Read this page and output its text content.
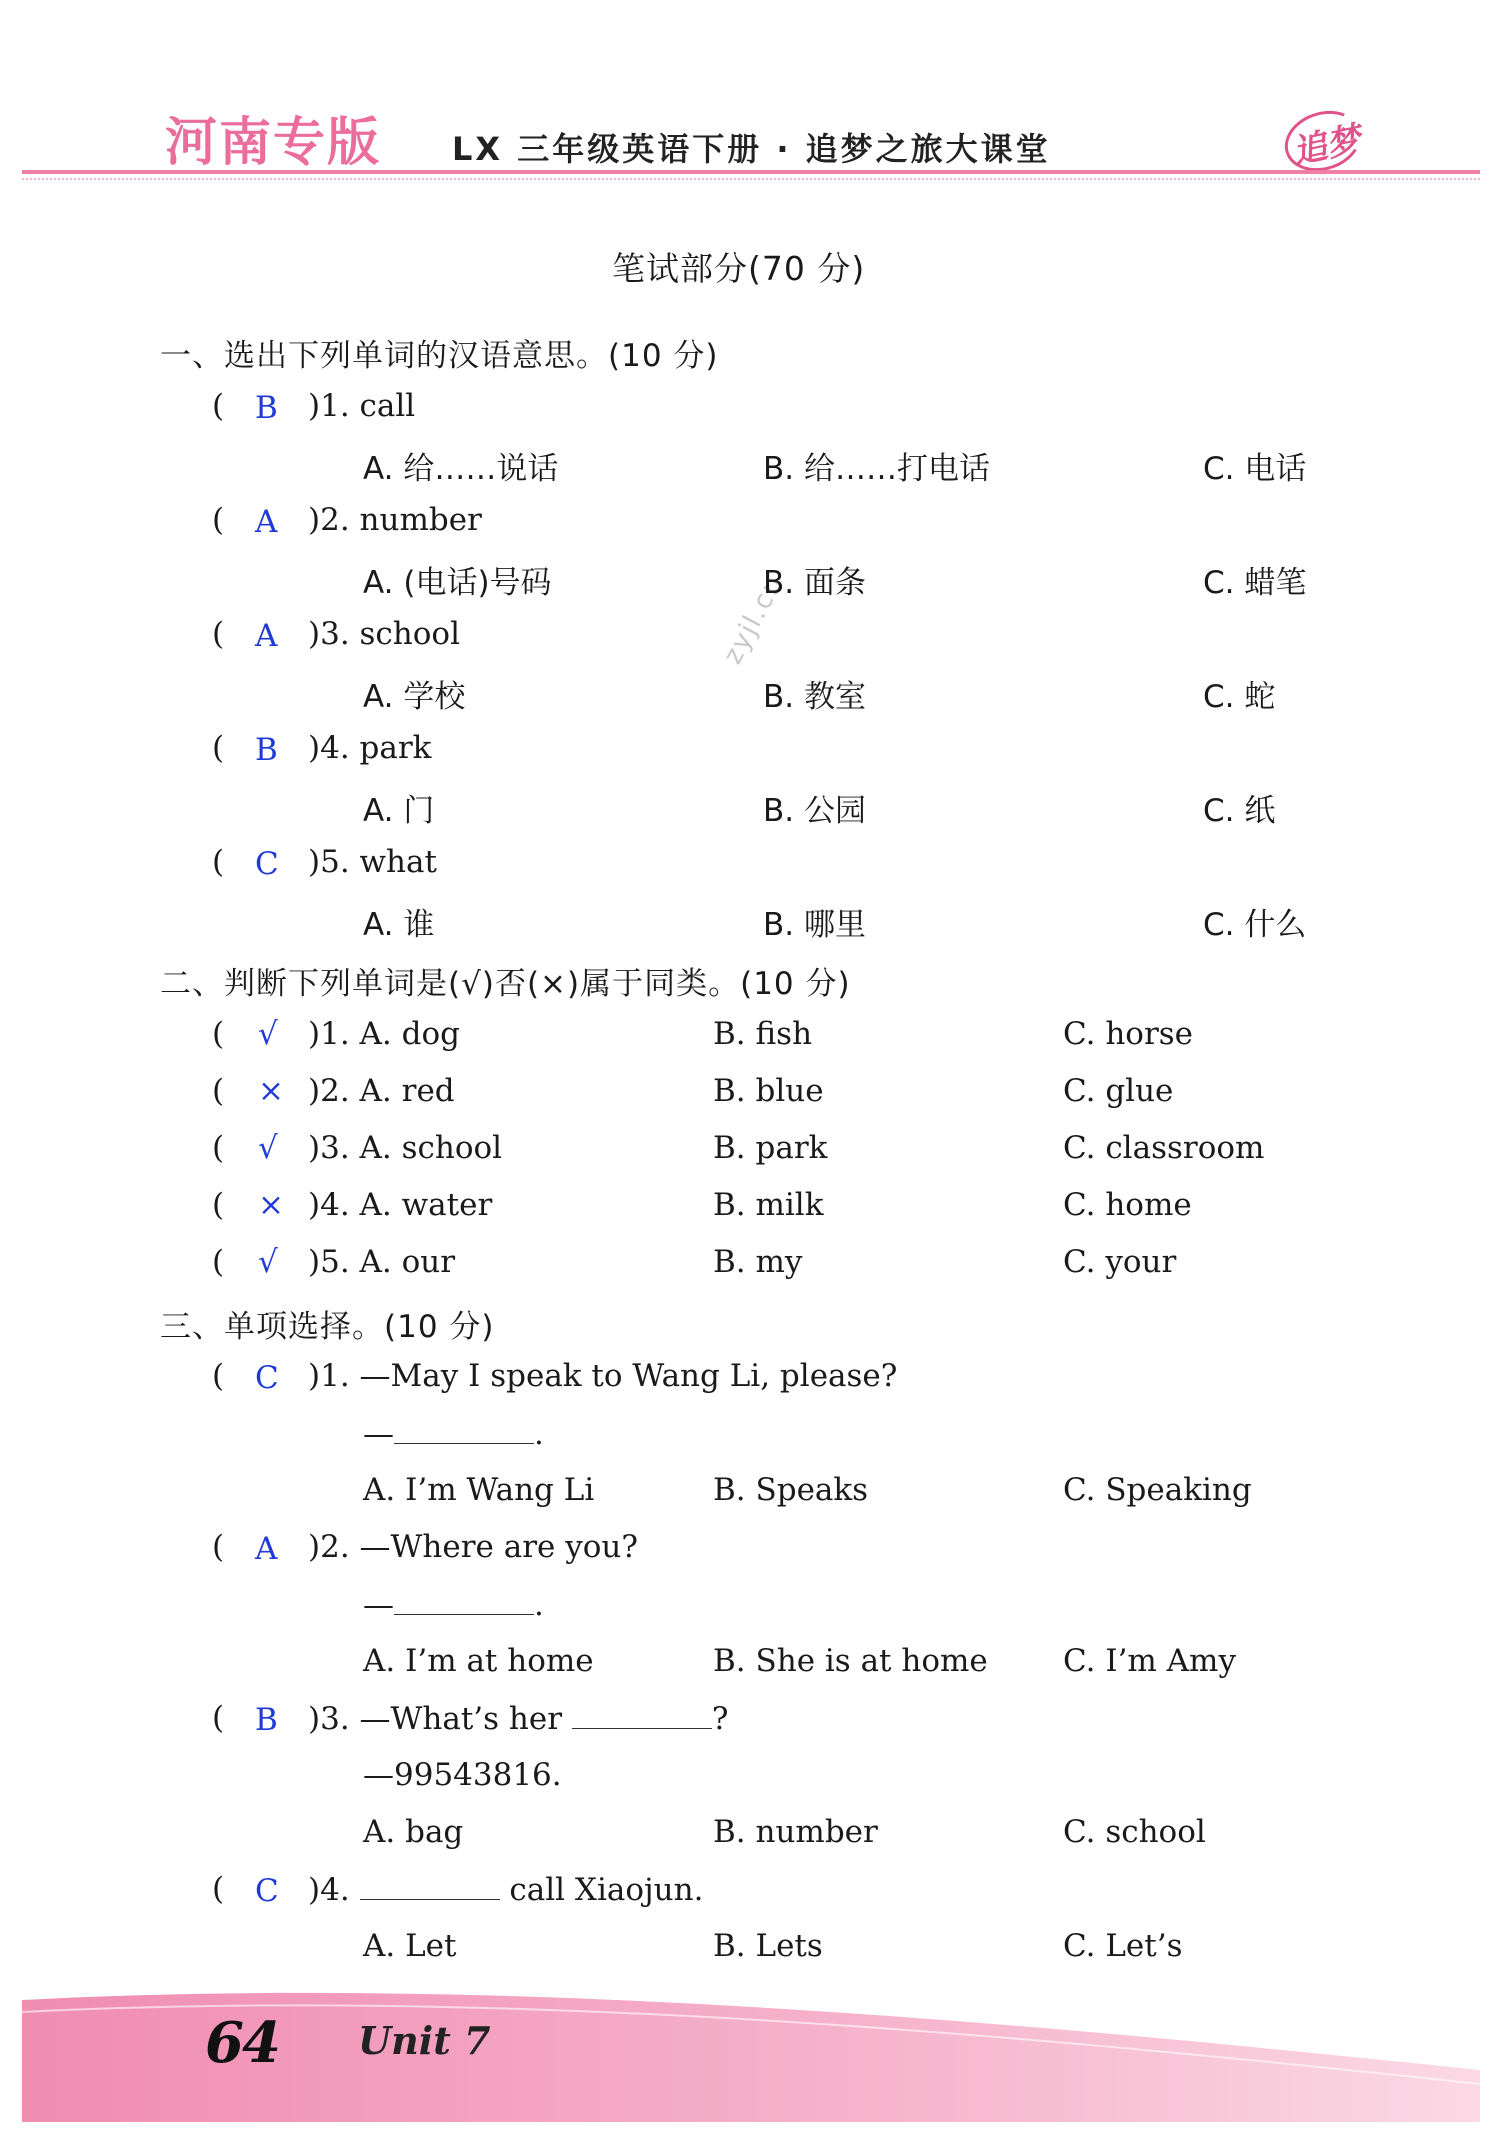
河南专版 LX 三年级英语下册 · 追梦之旅大课堂	追梦
zyjl.cn
笔试部分(70 分)
一、选出下列单词的汉语意思。(10 分)
( B )1. call
A. 给……说话	B. 给……打电话	C. 电话
( A )2. number
A. (电话)号码	B. 面条	C. 蜡笔
( A )3. school
A. 学校	B. 教室	C. 蛇
( B )4. park
A. 门	B. 公园	C. 纸
( C )5. what
A. 谁	B. 哪里	C. 什么
二、判断下列单词是(√)否(×)属于同类。(10 分)
( √ )1. A. dog	B. fish	C. horse
( × )2. A. red	B. blue	C. glue
( √ )3. A. school	B. park	C. classroom
( × )4. A. water	B. milk	C. home
( √ )5. A. our	B. my	C. your
三、单项选择。(10 分)
( C )1. —May I speak to Wang Li, please?
—	.
A. I’m Wang Li	B. Speaks	C. Speaking
( A )2. —Where are you?
—	.
A. I’m at home	B. She is at home C. I’m Amy
( B )3. —What’s her	?
—99543816.
A. bag	B. number	C. school
( C )4.	call Xiaojun.
A. Let	B. Lets	C. Let’s
64 Unit 7
